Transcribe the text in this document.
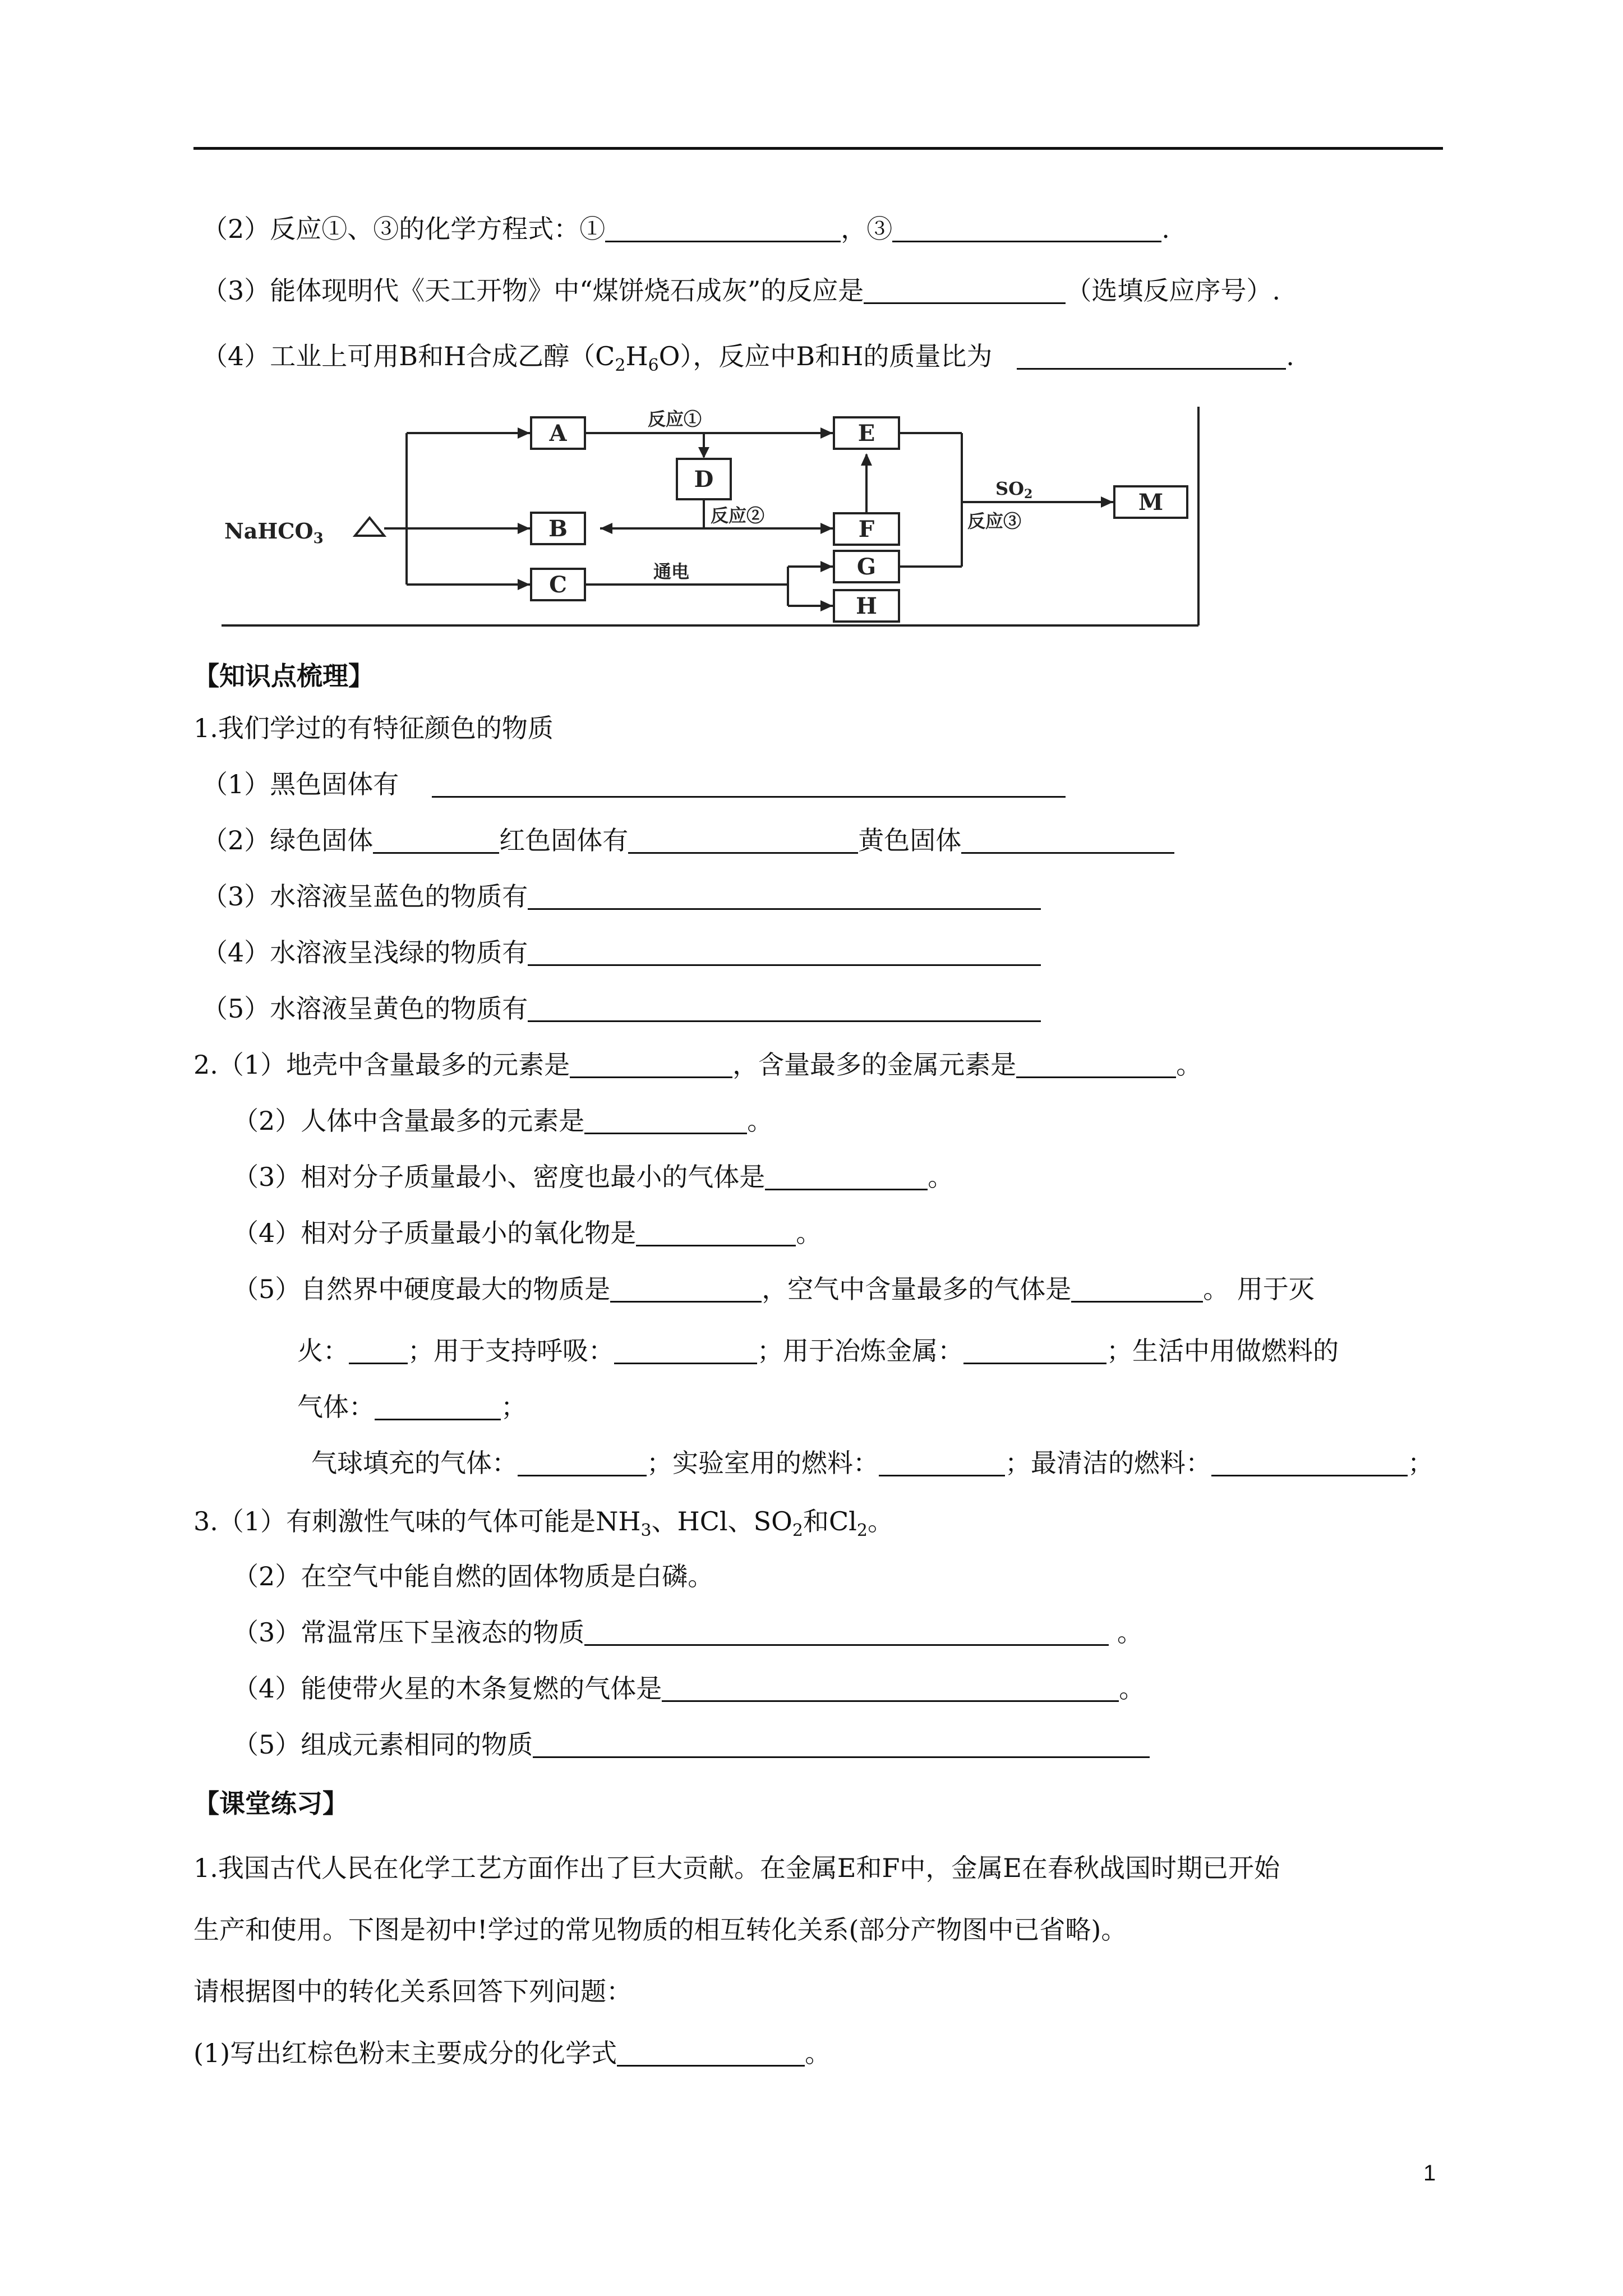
（2）反应①、③的化学方程式：①	，③	.
（3）能体现明代《天工开物》中“煤饼烧石成灰”的反应是	（选填反应序号）.
（4）工业上可用B和H合成乙醇$(C_2H_6O)$，反应中B和H的质量比为	.
A
B
C
D
E
F
G
H
M
NaHCO$_3$
反应①
反应②	反应③
SO2
通电
△
【知识点梳理】
1.我们学过的有特征颜色的物质
（1）黑色固体有
（2）绿色固体	红色固体有	黄色固体
（3）水溶液呈蓝色的物质有
（4）水溶液呈浅绿的物质有
（5）水溶液呈黄色的物质有
2.（1）地壳中含量最多的元素是	，含量最多的金属元素是	。
（2）人体中含量最多的元素是	。
（3）相对分子质量最小、密度也最小的气体是	。
（4）相对分子质量最小的氧化物是	。
（5）自然界中硬度最大的物质是	，空气中含量最多的气体是	。 用于灭
火： ；用于支持呼吸：	；用于冶炼金属：	；生活中用做燃料的
气体：	；
气球填充的气体：	；实验室用的燃料：	；最清洁的燃料：	；
3.（1）有刺激性气味的气体可能是$NH_3$、HCl、$SO_2$和$Cl_2$。
（2）在空气中能自燃的固体物质是白磷。
（3）常温常压下呈液态的物质	。
（4）能使带火星的木条复燃的气体是	。
（5）组成元素相同的物质
【课堂练习】
1.我国古代人民在化学工艺方面作出了巨大贡献。在金属E和F中，金属E在春秋战国时期已开始
生产和使用。下图是初中!学过的常见物质的相互转化关系(部分产物图中已省略)。
请根据图中的转化关系回答下列问题：
(1)写出红棕色粉末主要成分的化学式	。
1
